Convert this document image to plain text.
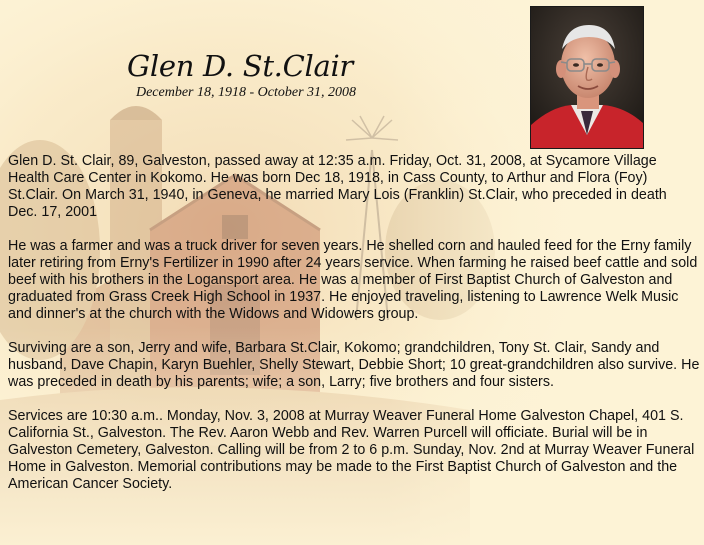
Glen D. St.Clair
December 18, 1918 - October 31, 2008

Glen D. St. Clair, 89, Galveston, passed away at 12:35 a.m. Friday, Oct. 31, 2008, at Sycamore Village Health Care Center in Kokomo. He was born Dec 18, 1918, in Cass County, to Arthur and Flora (Foy) St.Clair. On March 31, 1940, in Geneva, he married Mary Lois (Franklin) St.Clair, who preceded in death Dec. 17, 2001

He was a farmer and was a truck driver for seven years. He shelled corn and hauled feed for the Erny family later retiring from Erny's Fertilizer in 1990 after 24 years service. When farming he raised beef cattle and sold beef with his brothers in the Logansport area. He was a member of First Baptist Church of Galveston and graduated from Grass Creek High School in 1937. He enjoyed traveling, listening to Lawrence Welk Music and dinner's at the church with the Widows and Widowers group.

Surviving are a son, Jerry and wife, Barbara St.Clair, Kokomo; grandchildren, Tony St. Clair, Sandy and husband, Dave Chapin, Karyn Buehler, Shelly Stewart, Debbie Short; 10 great-grandchildren also survive. He was preceded in death by his parents; wife; a son, Larry; five brothers and four sisters.

Services are 10:30 a.m.. Monday, Nov. 3, 2008 at Murray Weaver Funeral Home Galveston Chapel, 401 S. California St., Galveston. The Rev. Aaron Webb and Rev. Warren Purcell will officiate. Burial will be in Galveston Cemetery, Galveston. Calling will be from 2 to 6 p.m. Sunday, Nov. 2nd at Murray Weaver Funeral Home in Galveston. Memorial contributions may be made to the First Baptist Church of Galveston and the American Cancer Society.
